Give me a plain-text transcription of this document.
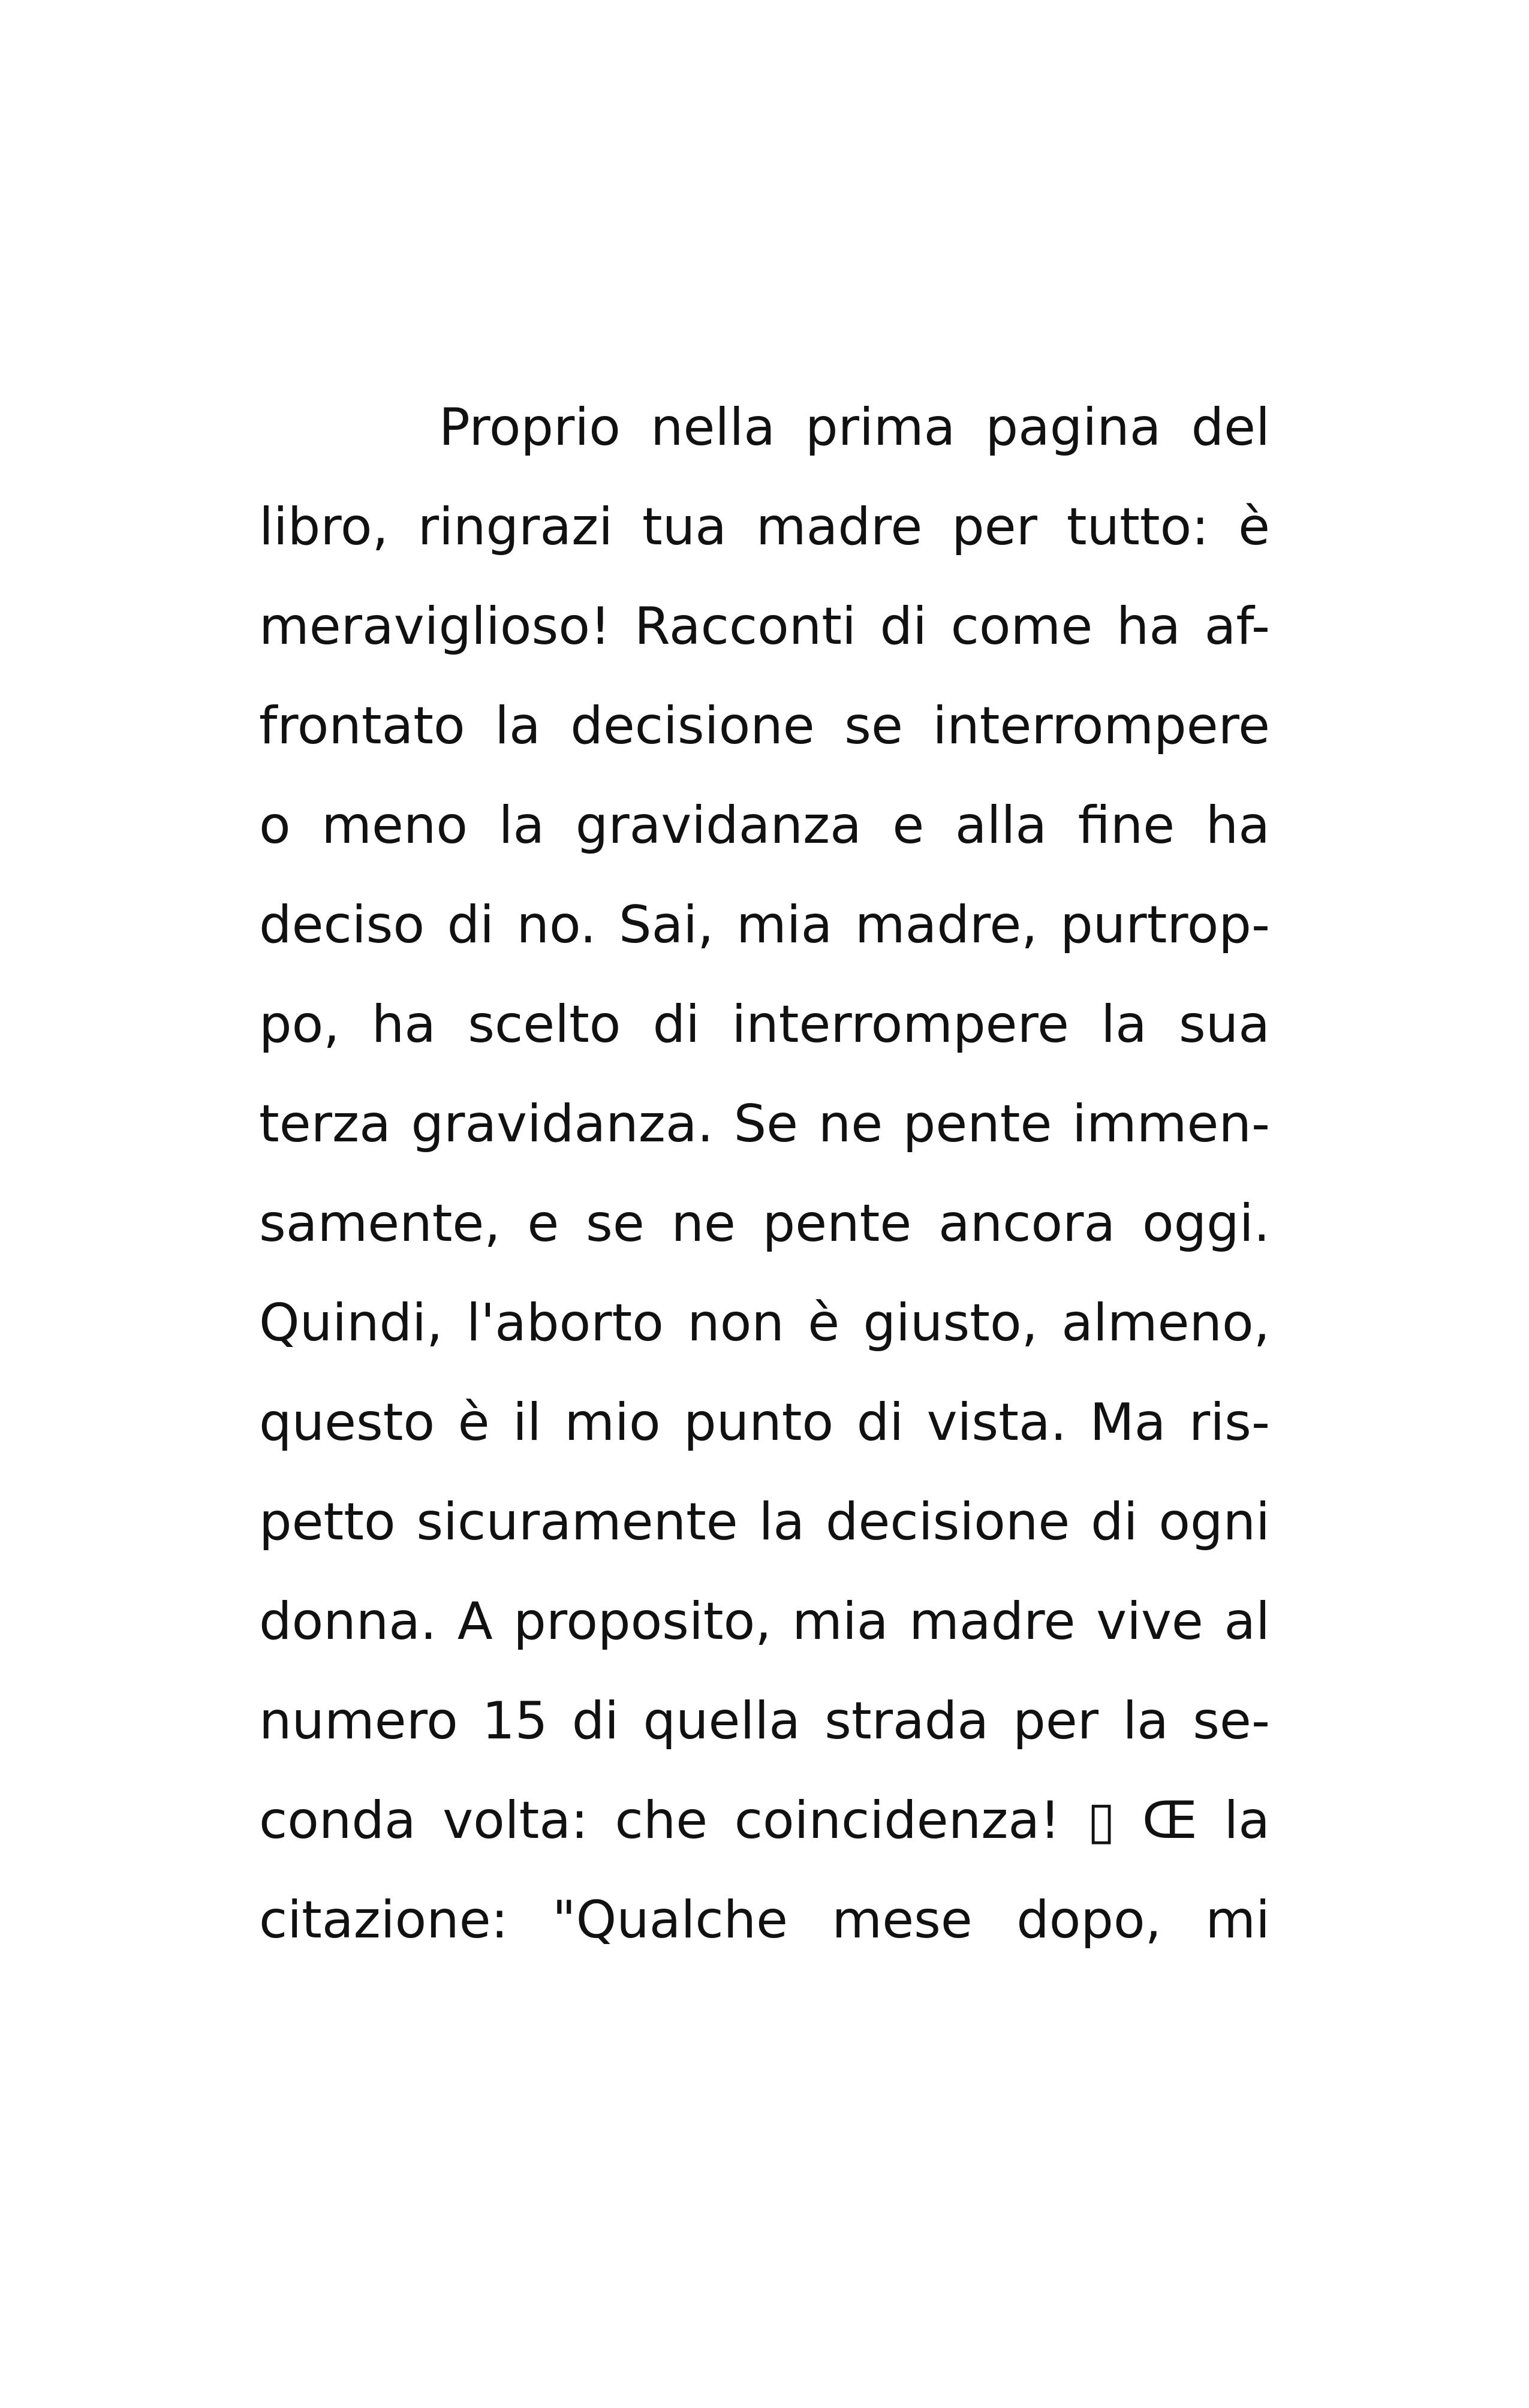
Proprio nella prima pagina del
libro, ringrazi tua madre per tutto: è
meraviglioso! Racconti di come ha af-
frontato la decisione se interrompere
o meno la gravidanza e alla fine ha
deciso di no. Sai, mia madre, purtrop-
po, ha scelto di interrompere la sua
terza gravidanza. Se ne pente immen-
samente, e se ne pente ancora oggi.
Quindi, l'aborto non è giusto, almeno,
questo è il mio punto di vista. Ma ris-
petto sicuramente la decisione di ogni
donna. A proposito, mia madre vive al
numero 15 di quella strada per la se-
conda volta: che coincidenza! ▯ Œ la
citazione: "Qualche mese dopo, mi
